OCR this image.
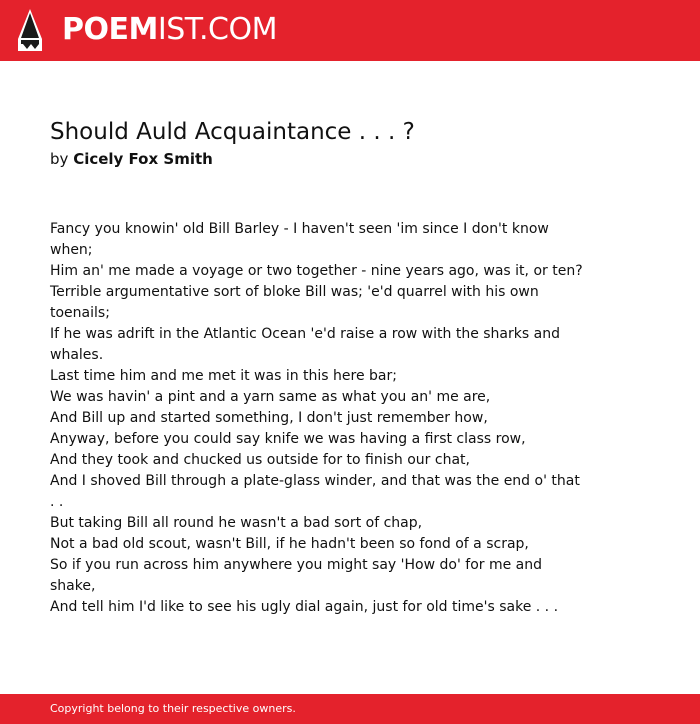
POEMIST.COM
Should Auld Acquaintance . . . ?
by Cicely Fox Smith
Fancy you knowin' old Bill Barley - I haven't seen 'im since I don't know when;
Him an' me made a voyage or two together - nine years ago, was it, or ten?
Terrible argumentative sort of bloke Bill was; 'e'd quarrel with his own toenails;
If he was adrift in the Atlantic Ocean 'e'd raise a row with the sharks and whales.
Last time him and me met it was in this here bar;
We was havin' a pint and a yarn same as what you an' me are,
And Bill up and started something, I don't just remember how,
Anyway, before you could say knife we was having a first class row,
And they took and chucked us outside for to finish our chat,
And I shoved Bill through a plate-glass winder, and that was the end o' that . .
But taking Bill all round he wasn't a bad sort of chap,
Not a bad old scout, wasn't Bill, if he hadn't been so fond of a scrap,
So if you run across him anywhere you might say 'How do' for me and shake,
And tell him I'd like to see his ugly dial again, just for old time's sake . . .
Copyright belong to their respective owners.
